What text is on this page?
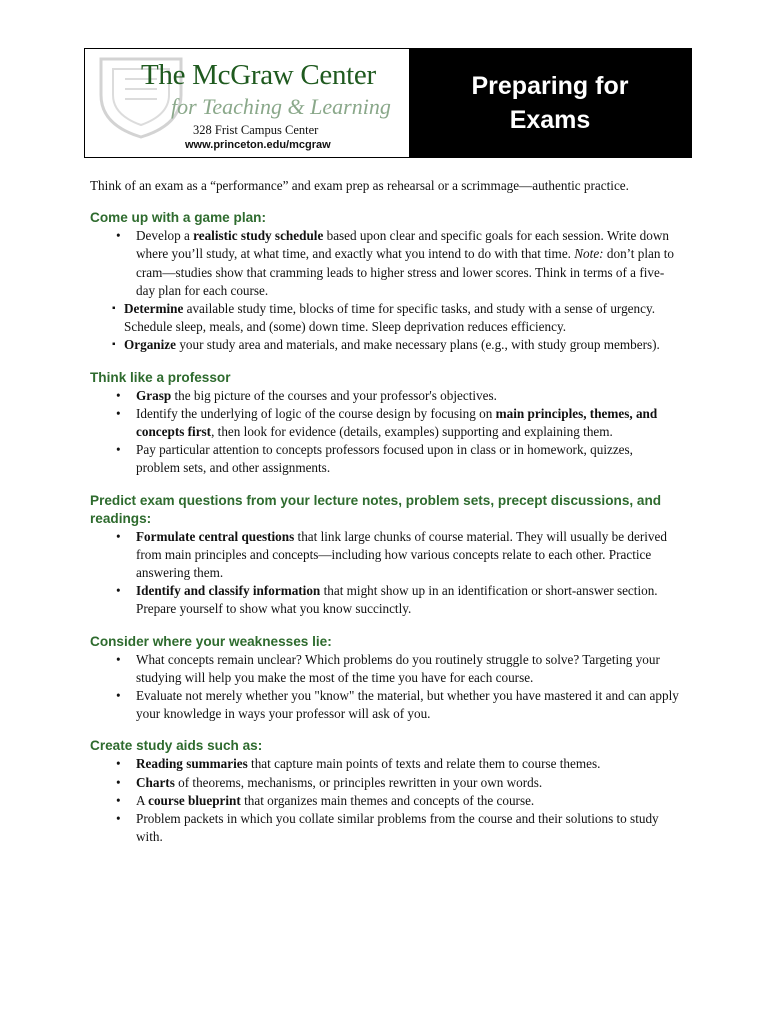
The McGraw Center
for Teaching & Learning
328 Frist Campus Center
www.princeton.edu/mcgraw
Preparing for
Exams

Think of an exam as a “performance” and exam prep as rehearsal or a scrimmage—authentic practice.

Come up with a game plan:
• Develop a realistic study schedule based upon clear and specific goals for each session. Write down where you’ll study, at what time, and exactly what you intend to do with that time. Note: don’t plan to cram—studies show that cramming leads to higher stress and lower scores. Think in terms of a five-day plan for each course.
▪ Determine available study time, blocks of time for specific tasks, and study with a sense of urgency. Schedule sleep, meals, and (some) down time. Sleep deprivation reduces efficiency.
▪ Organize your study area and materials, and make necessary plans (e.g., with study group members).
Think like a professor
• Grasp the big picture of the courses and your professor's objectives.
• Identify the underlying of logic of the course design by focusing on main principles, themes, and concepts first, then look for evidence (details, examples) supporting and explaining them.
• Pay particular attention to concepts professors focused upon in class or in homework, quizzes, problem sets, and other assignments.
Predict exam questions from your lecture notes, problem sets, precept discussions, and readings:
• Formulate central questions that link large chunks of course material. They will usually be derived from main principles and concepts—including how various concepts relate to each other. Practice answering them.
• Identify and classify information that might show up in an identification or short-answer section. Prepare yourself to show what you know succinctly.
Consider where your weaknesses lie:
• What concepts remain unclear? Which problems do you routinely struggle to solve? Targeting your studying will help you make the most of the time you have for each course.
• Evaluate not merely whether you "know" the material, but whether you have mastered it and can apply your knowledge in ways your professor will ask of you.
Create study aids such as:
• Reading summaries that capture main points of texts and relate them to course themes.
• Charts of theorems, mechanisms, or principles rewritten in your own words.
• A course blueprint that organizes main themes and concepts of the course.
• Problem packets in which you collate similar problems from the course and their solutions to study with.
